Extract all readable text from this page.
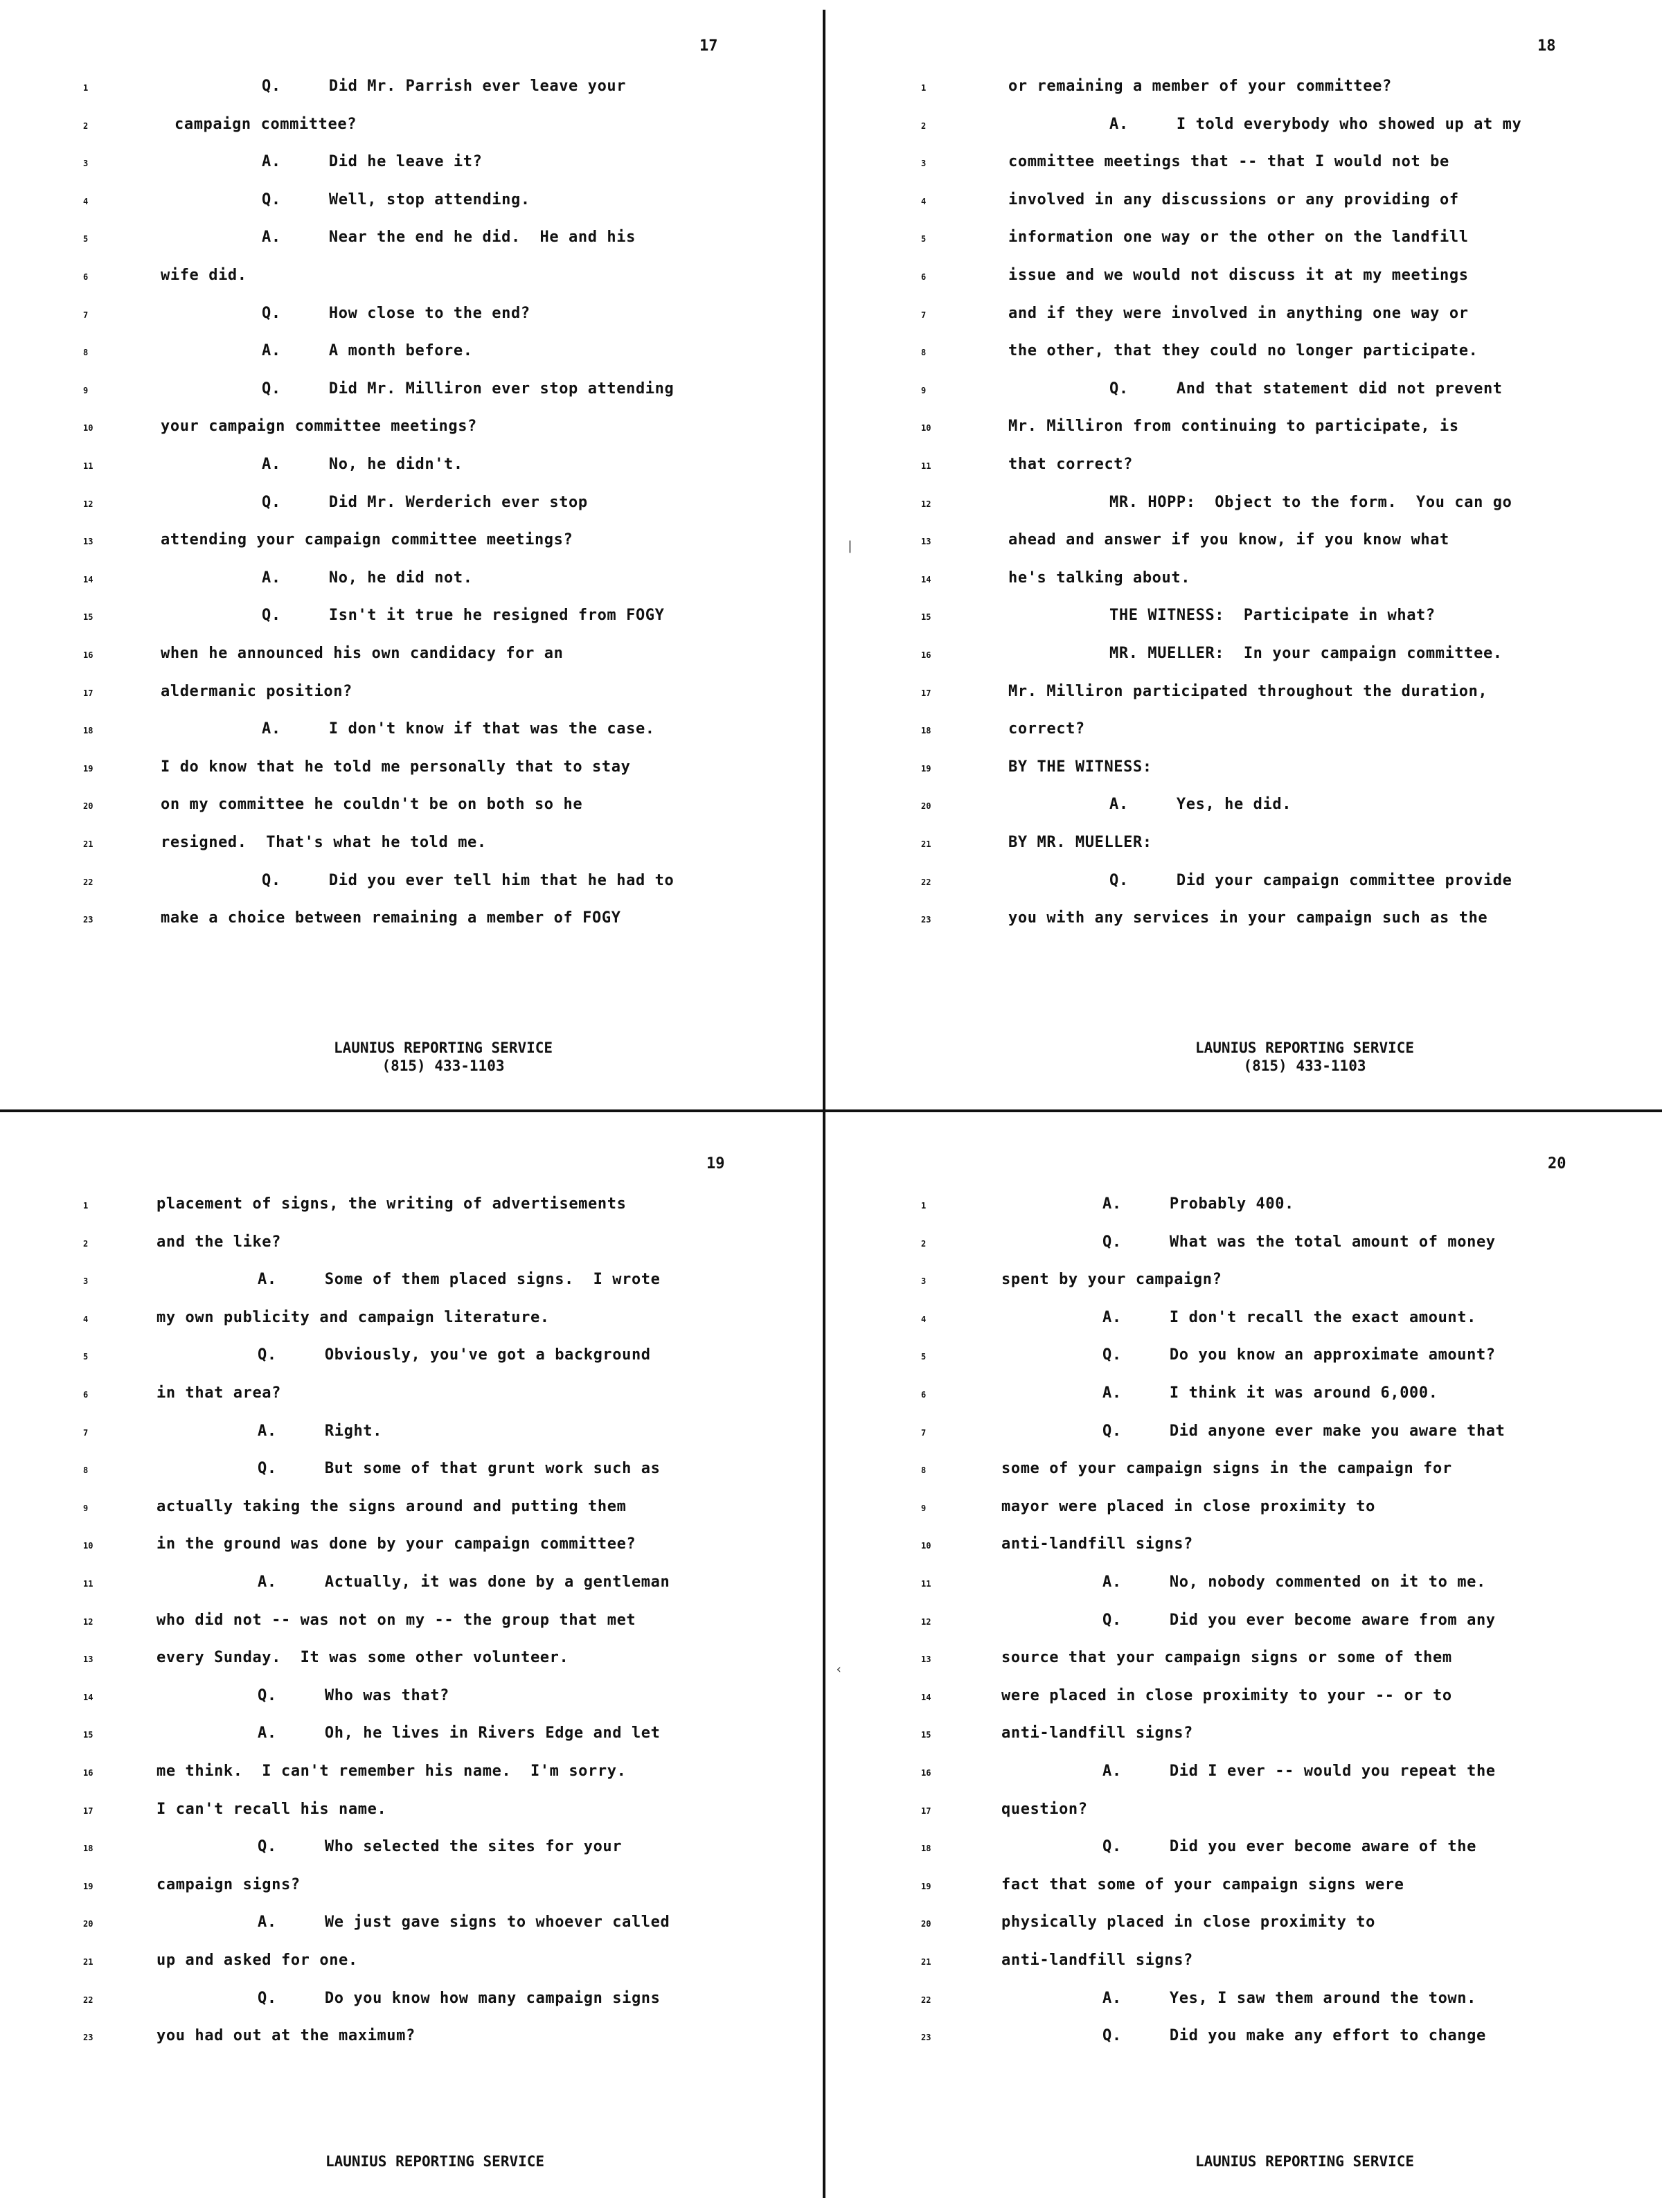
|
‹
17
1	Q.     Did Mr. Parrish ever leave your
2	campaign committee?
3	A.     Did he leave it?
4	Q.     Well, stop attending.
5	A.     Near the end he did.  He and his
6	wife did.
7	Q.     How close to the end?
8	A.     A month before.
9	Q.     Did Mr. Milliron ever stop attending
10	your campaign committee meetings?
11	A.     No, he didn't.
12	Q.     Did Mr. Werderich ever stop
13	attending your campaign committee meetings?
14	A.     No, he did not.
15	Q.     Isn't it true he resigned from FOGY
16	when he announced his own candidacy for an
17	aldermanic position?
18	A.     I don't know if that was the case.
19	I do know that he told me personally that to stay
20	on my committee he couldn't be on both so he
21	resigned.  That's what he told me.
22	Q.     Did you ever tell him that he had to
23	make a choice between remaining a member of FOGY
LAUNIUS REPORTING SERVICE
(815) 433-1103
18
1	or remaining a member of your committee?
2	A.     I told everybody who showed up at my
3	committee meetings that -- that I would not be
4	involved in any discussions or any providing of
5	information one way or the other on the landfill
6	issue and we would not discuss it at my meetings
7	and if they were involved in anything one way or
8	the other, that they could no longer participate.
9	Q.     And that statement did not prevent
10	Mr. Milliron from continuing to participate, is
11	that correct?
12	MR. HOPP:  Object to the form.  You can go
13	ahead and answer if you know, if you know what
14	he's talking about.
15	THE WITNESS:  Participate in what?
16	MR. MUELLER:  In your campaign committee.
17	Mr. Milliron participated throughout the duration,
18	correct?
19	BY THE WITNESS:
20	A.     Yes, he did.
21	BY MR. MUELLER:
22	Q.     Did your campaign committee provide
23	you with any services in your campaign such as the
LAUNIUS REPORTING SERVICE
(815) 433-1103
19
1	placement of signs, the writing of advertisements
2	and the like?
3	A.     Some of them placed signs.  I wrote
4	my own publicity and campaign literature.
5	Q.     Obviously, you've got a background
6	in that area?
7	A.     Right.
8	Q.     But some of that grunt work such as
9	actually taking the signs around and putting them
10	in the ground was done by your campaign committee?
11	A.     Actually, it was done by a gentleman
12	who did not -- was not on my -- the group that met
13	every Sunday.  It was some other volunteer.
14	Q.     Who was that?
15	A.     Oh, he lives in Rivers Edge and let
16	me think.  I can't remember his name.  I'm sorry.
17	I can't recall his name.
18	Q.     Who selected the sites for your
19	campaign signs?
20	A.     We just gave signs to whoever called
21	up and asked for one.
22	Q.     Do you know how many campaign signs
23	you had out at the maximum?
LAUNIUS REPORTING SERVICE
20
1	A.     Probably 400.
2	Q.     What was the total amount of money
3	spent by your campaign?
4	A.     I don't recall the exact amount.
5	Q.     Do you know an approximate amount?
6	A.     I think it was around 6,000.
7	Q.     Did anyone ever make you aware that
8	some of your campaign signs in the campaign for
9	mayor were placed in close proximity to
10	anti-landfill signs?
11	A.     No, nobody commented on it to me.
12	Q.     Did you ever become aware from any
13	source that your campaign signs or some of them
14	were placed in close proximity to your -- or to
15	anti-landfill signs?
16	A.     Did I ever -- would you repeat the
17	question?
18	Q.     Did you ever become aware of the
19	fact that some of your campaign signs were
20	physically placed in close proximity to
21	anti-landfill signs?
22	A.     Yes, I saw them around the town.
23	Q.     Did you make any effort to change
LAUNIUS REPORTING SERVICE
